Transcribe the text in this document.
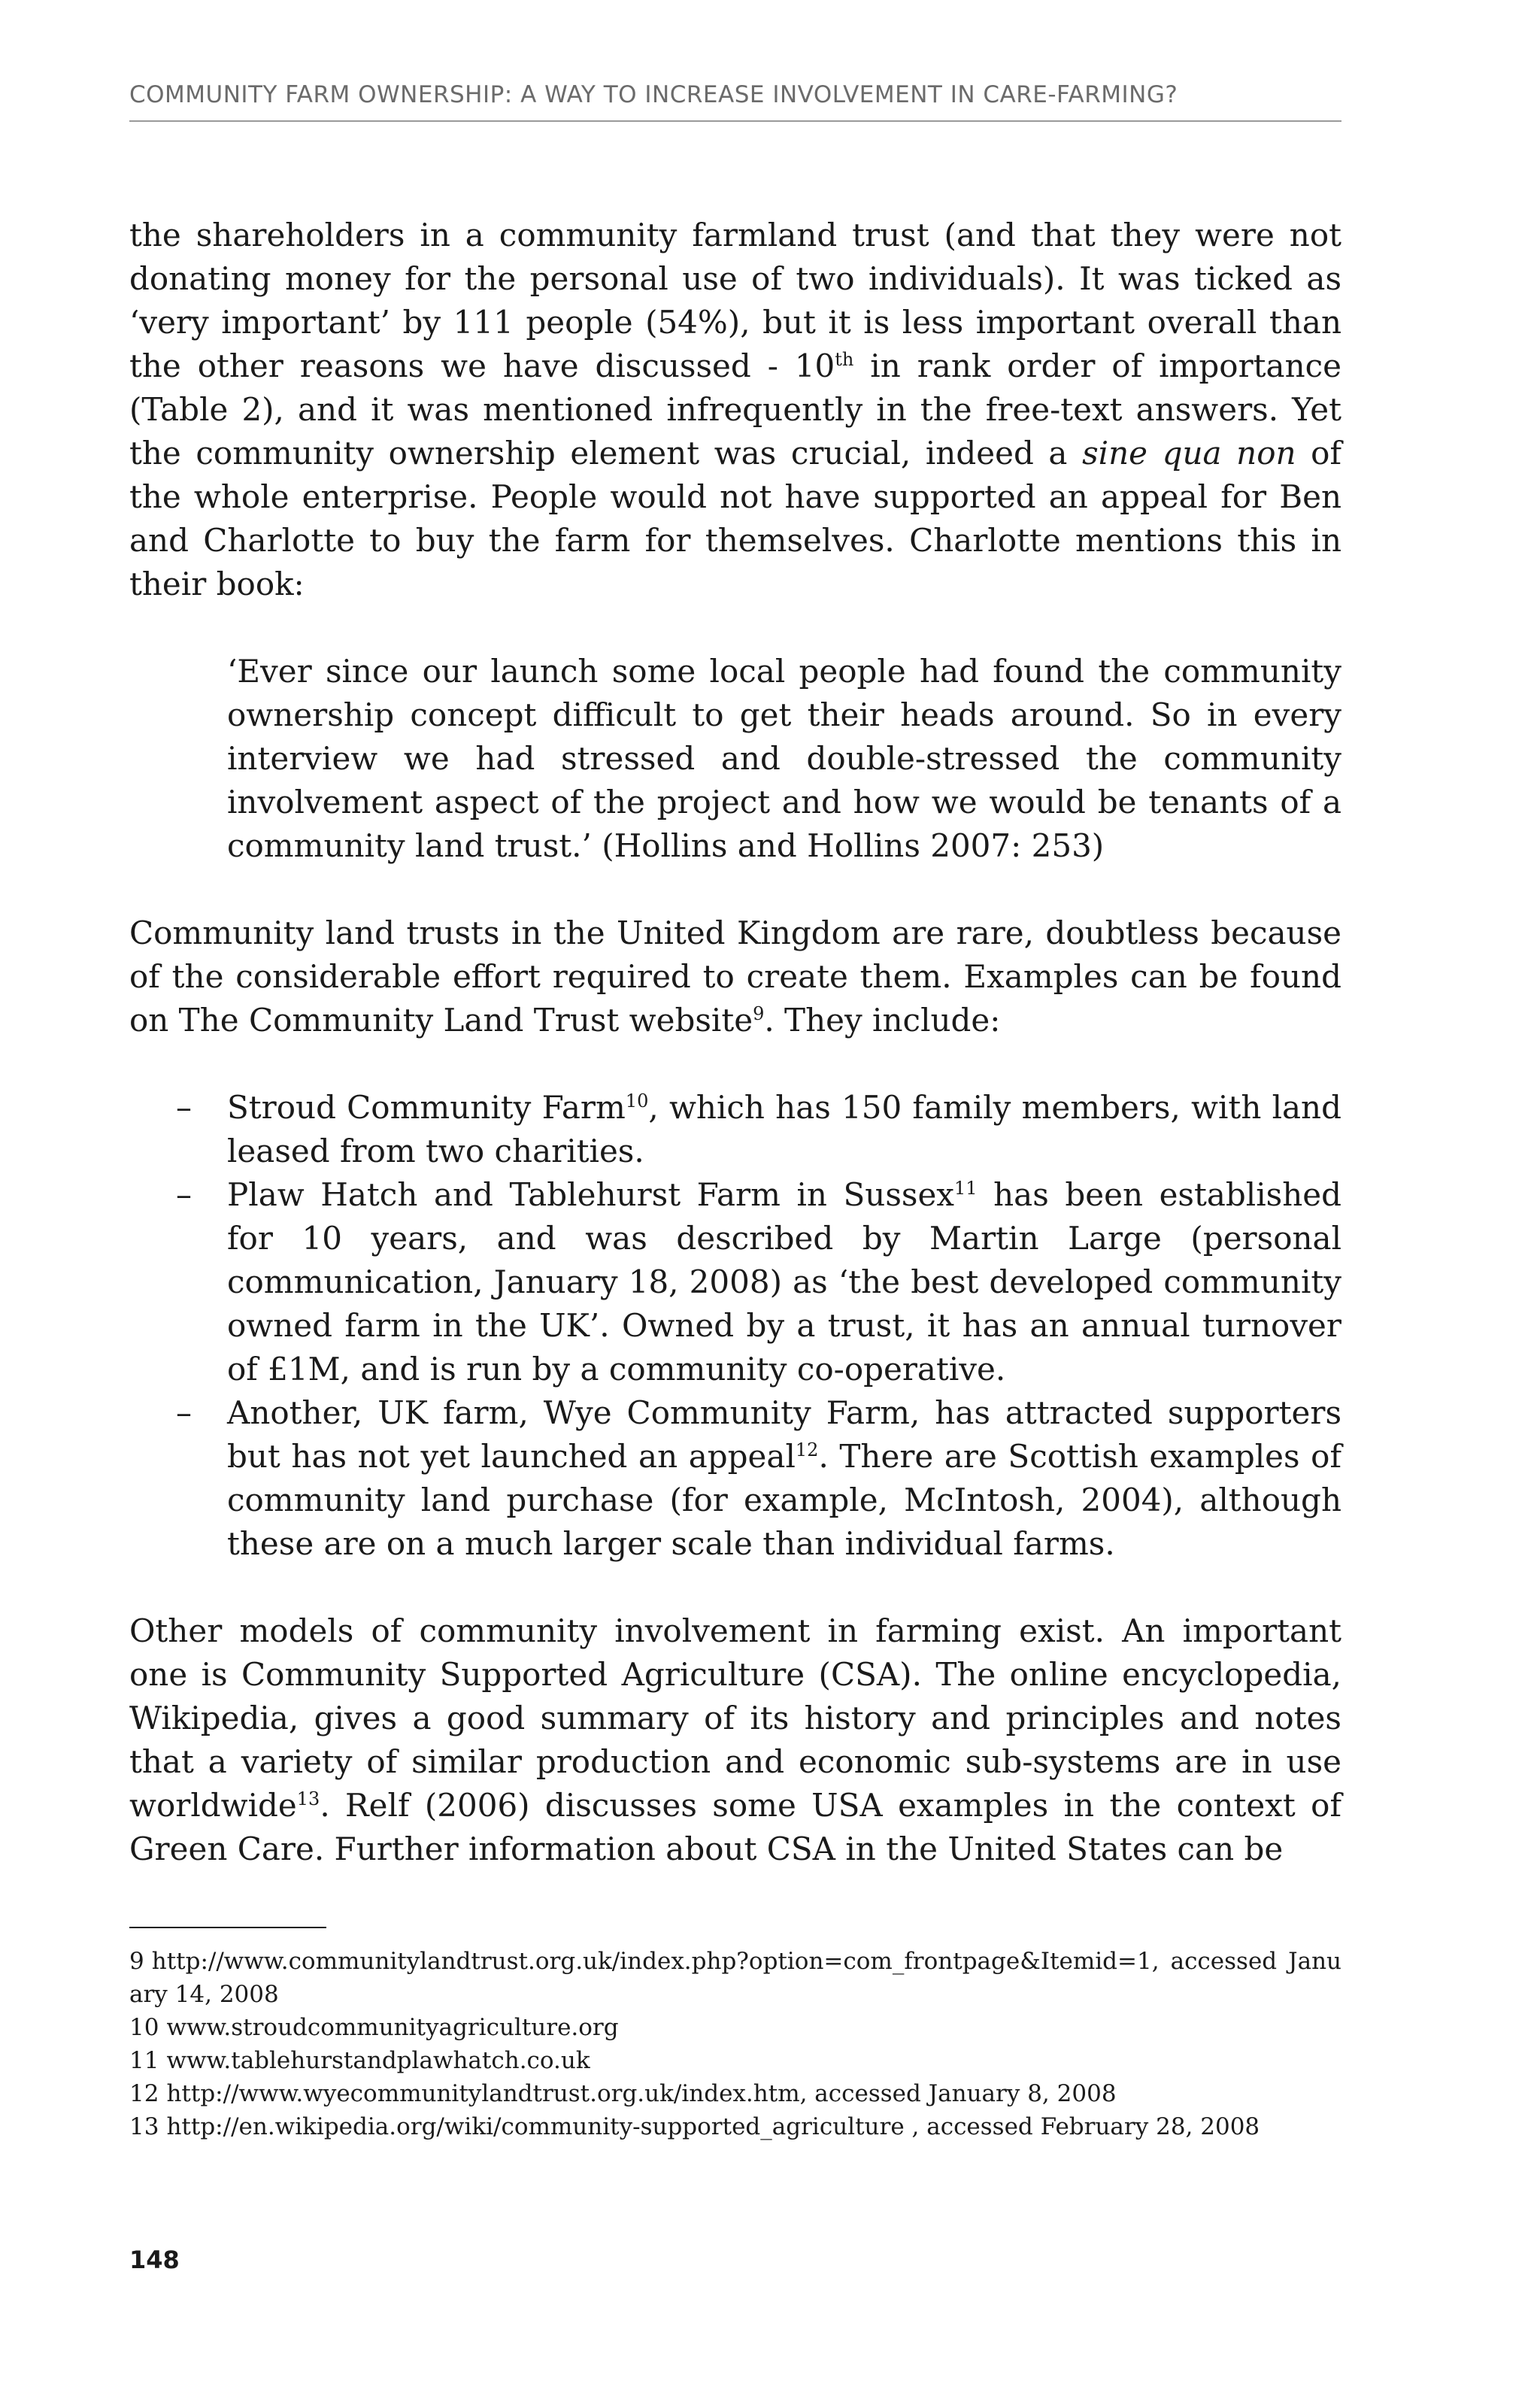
COMMUNITY FARM OWNERSHIP: A WAY TO INCREASE INVOLVEMENT IN CARE-FARMING?

the shareholders in a community farmland trust (and that they were not donating money for the personal use of two individuals). It was ticked as ‘very important’ by 111 people (54%), but it is less important overall than the other reasons we have discussed - 10th in rank order of importance (Table 2), and it was mentioned infrequently in the free-text answers. Yet the community ownership element was crucial, indeed a sine qua non of the whole enterprise. People would not have supported an appeal for Ben and Charlotte to buy the farm for themselves. Charlotte mentions this in their book:

‘Ever since our launch some local people had found the community ownership concept difficult to get their heads around. So in every interview we had stressed and double-stressed the community involvement aspect of the project and how we would be tenants of a community land trust.’ (Hollins and Hollins 2007: 253)

Community land trusts in the United Kingdom are rare, doubtless because of the considerable effort required to create them. Examples can be found on The Community Land Trust website$^9$. They include:

– Stroud Community Farm$^{10}$, which has 150 family members, with land leased from two charities.
– Plaw Hatch and Tablehurst Farm in Sussex$^{11}$ has been established for 10 years, and was described by Martin Large (personal communication, January 18, 2008) as ‘the best developed community owned farm in the UK’. Owned by a trust, it has an annual turnover of £1M, and is run by a community co-operative.
– Another, UK farm, Wye Community Farm, has attracted supporters but has not yet launched an appeal$^{12}$. There are Scottish examples of community land purchase (for example, McIntosh, 2004), although these are on a much larger scale than individual farms.

Other models of community involvement in farming exist. An important one is Community Supported Agriculture (CSA). The online encyclopedia, Wikipedia, gives a good summary of its history and principles and notes that a variety of similar production and economic sub-systems are in use worldwide$^{13}$. Relf (2006) discusses some USA examples in the context of Green Care. Further information about CSA in the United States can be

9 http://www.communitylandtrust.org.uk/index.php?option=com_frontpage&Itemid=1, accessed January 14, 2008
10 www.stroudcommunityagriculture.org
11 www.tablehurstandplawhatch.co.uk
12 http://www.wyecommunitylandtrust.org.uk/index.htm, accessed January 8, 2008
13 http://en.wikipedia.org/wiki/community-supported_agriculture , accessed February 28, 2008
148
